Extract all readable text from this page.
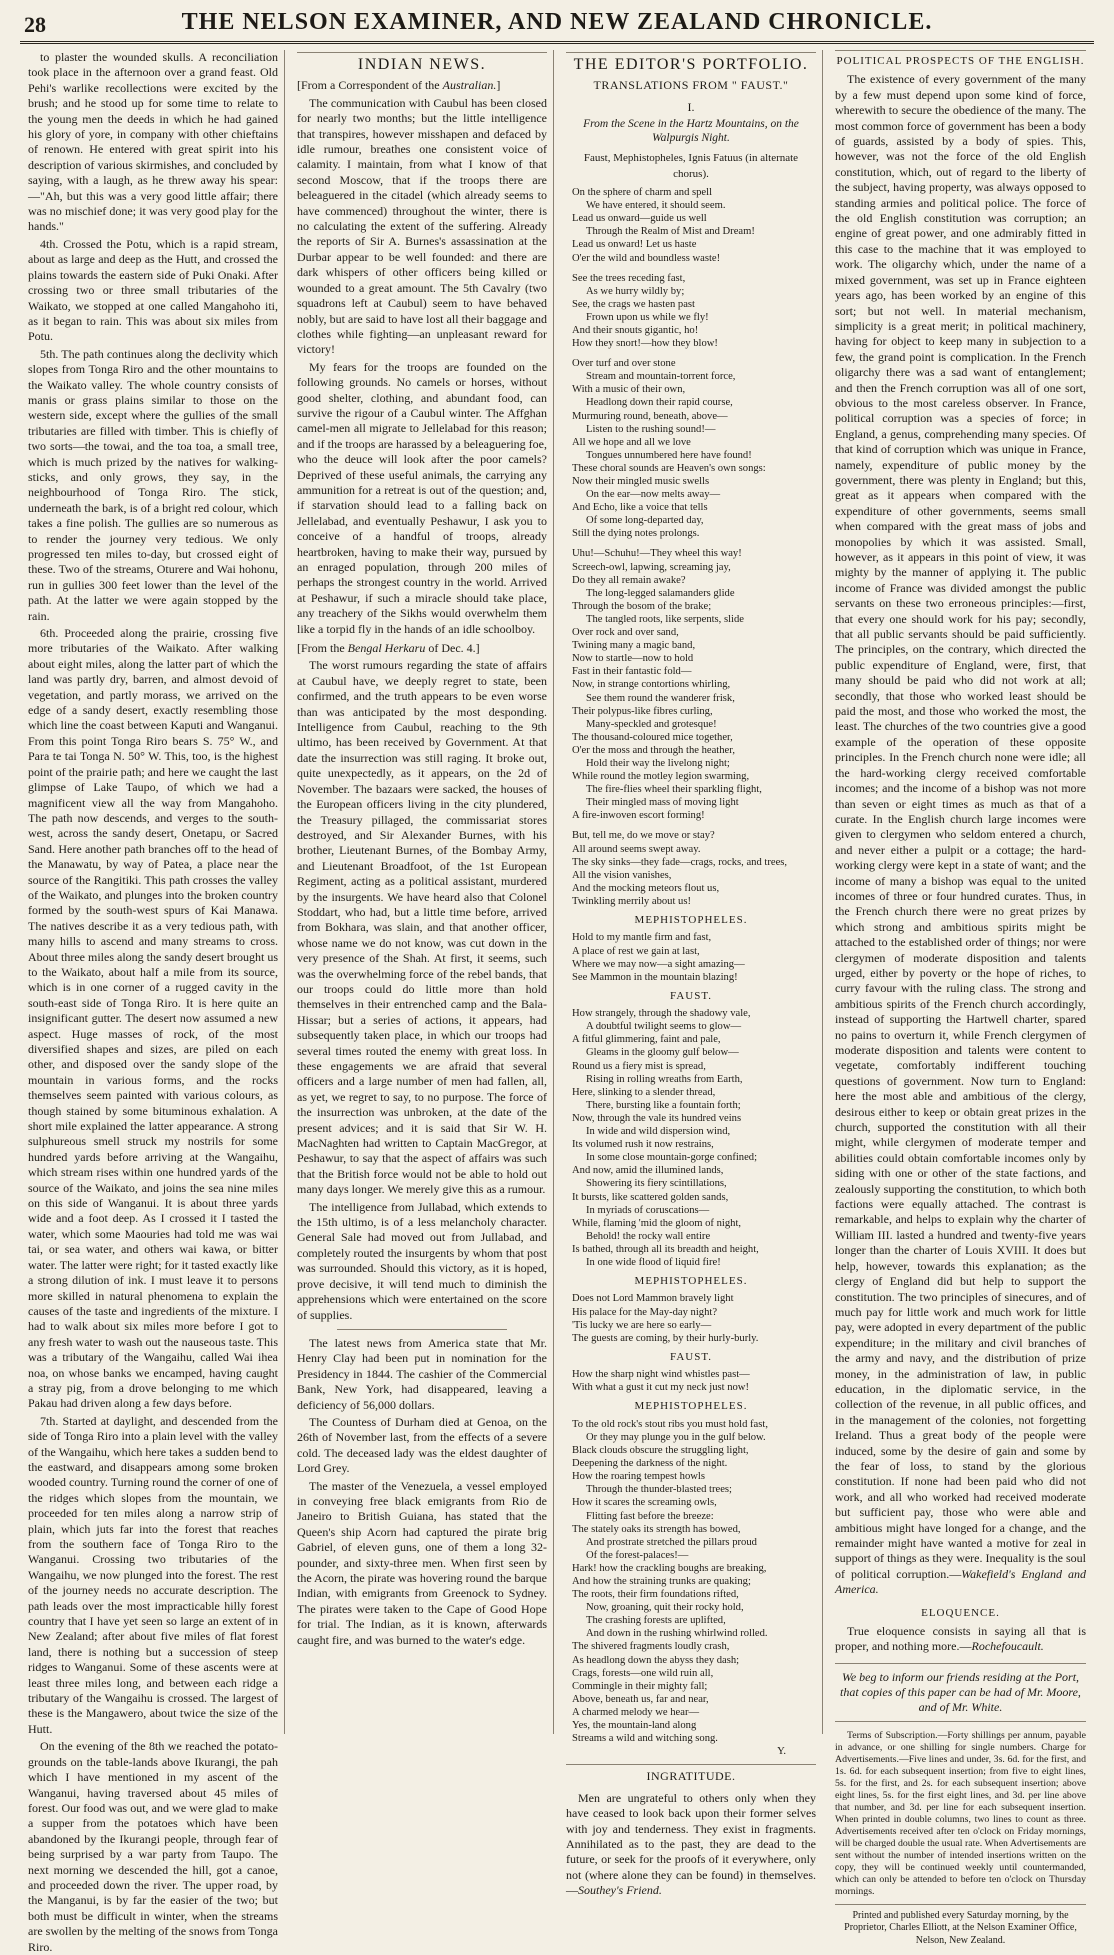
28	THE NELSON EXAMINER, AND NEW ZEALAND CHRONICLE.

to plaster the wounded skulls. A reconciliation took place in the afternoon over a grand feast. Old Pehi's warlike recollections were excited by the brush; and he stood up for some time to relate to the young men the deeds in which he had gained his glory of yore, in company with other chieftains of renown. He entered with great spirit into his description of various skirmishes, and concluded by saying, with a laugh, as he threw away his spear:—"Ah, but this was a very good little affair; there was no mischief done; it was very good play for the hands."

4th. Crossed the Potu, which is a rapid stream, about as large and deep as the Hutt, and crossed the plains towards the eastern side of Puki Onaki. After crossing two or three small tributaries of the Waikato, we stopped at one called Mangahoho iti, as it began to rain. This was about six miles from Potu.

5th. The path continues along the declivity which slopes from Tonga Riro and the other mountains to the Waikato valley. The whole country consists of manis or grass plains similar to those on the western side, except where the gullies of the small tributaries are filled with timber. This is chiefly of two sorts—the towai, and the toa toa, a small tree, which is much prized by the natives for walking-sticks, and only grows, they say, in the neighbourhood of Tonga Riro. The stick, underneath the bark, is of a bright red colour, which takes a fine polish. The gullies are so numerous as to render the journey very tedious. We only progressed ten miles to-day, but crossed eight of these. Two of the streams, Oturere and Wai hohonu, run in gullies 300 feet lower than the level of the path. At the latter we were again stopped by the rain.

6th. Proceeded along the prairie, crossing five more tributaries of the Waikato. After walking about eight miles, along the latter part of which the land was partly dry, barren, and almost devoid of vegetation, and partly morass, we arrived on the edge of a sandy desert, exactly resembling those which line the coast between Kaputi and Wanganui. From this point Tonga Riro bears S. 75° W., and Para te tai Tonga N. 50° W. This, too, is the highest point of the prairie path; and here we caught the last glimpse of Lake Taupo, of which we had a magnificent view all the way from Mangahoho. The path now descends, and verges to the south-west, across the sandy desert, Onetapu, or Sacred Sand. Here another path branches off to the head of the Manawatu, by way of Patea, a place near the source of the Rangitiki. This path crosses the valley of the Waikato, and plunges into the broken country formed by the south-west spurs of Kai Manawa. The natives describe it as a very tedious path, with many hills to ascend and many streams to cross. About three miles along the sandy desert brought us to the Waikato, about half a mile from its source, which is in one corner of a rugged cavity in the south-east side of Tonga Riro. It is here quite an insignificant gutter. The desert now assumed a new aspect. Huge masses of rock, of the most diversified shapes and sizes, are piled on each other, and disposed over the sandy slope of the mountain in various forms, and the rocks themselves seem painted with various colours, as though stained by some bituminous exhalation. A short mile explained the latter appearance. A strong sulphureous smell struck my nostrils for some hundred yards before arriving at the Wangaihu, which stream rises within one hundred yards of the source of the Waikato, and joins the sea nine miles on this side of Wanganui. It is about three yards wide and a foot deep. As I crossed it I tasted the water, which some Maouries had told me was wai tai, or sea water, and others wai kawa, or bitter water. The latter were right; for it tasted exactly like a strong dilution of ink. I must leave it to persons more skilled in natural phenomena to explain the causes of the taste and ingredients of the mixture. I had to walk about six miles more before I got to any fresh water to wash out the nauseous taste. This was a tributary of the Wangaihu, called Wai ihea noa, on whose banks we encamped, having caught a stray pig, from a drove belonging to me which Pakau had driven along a few days before.

7th. Started at daylight, and descended from the side of Tonga Riro into a plain level with the valley of the Wangaihu, which here takes a sudden bend to the eastward, and disappears among some broken wooded country. Turning round the corner of one of the ridges which slopes from the mountain, we proceeded for ten miles along a narrow strip of plain, which juts far into the forest that reaches from the southern face of Tonga Riro to the Wanganui. Crossing two tributaries of the Wangaihu, we now plunged into the forest. The rest of the journey needs no accurate description. The path leads over the most impracticable hilly forest country that I have yet seen so large an extent of in New Zealand; after about five miles of flat forest land, there is nothing but a succession of steep ridges to Wanganui. Some of these ascents were at least three miles long, and between each ridge a tributary of the Wangaihu is crossed. The largest of these is the Mangawero, about twice the size of the Hutt.

On the evening of the 8th we reached the potato-grounds on the table-lands above Ikurangi, the pah which I have mentioned in my ascent of the Wanganui, having traversed about 45 miles of forest. Our food was out, and we were glad to make a supper from the potatoes which have been abandoned by the Ikurangi people, through fear of being surprised by a war party from Taupo. The next morning we descended the hill, got a canoe, and proceeded down the river. The upper road, by the Manganui, is by far the easier of the two; but both must be difficult in winter, when the streams are swollen by the melting of the snows from Tonga Riro.

INDIAN NEWS.

[From a Correspondent of the Australian.]

The communication with Caubul has been closed for nearly two months; but the little intelligence that transpires, however misshapen and defaced by idle rumour, breathes one consistent voice of calamity. I maintain, from what I know of that second Moscow, that if the troops there are beleaguered in the citadel (which already seems to have commenced) throughout the winter, there is no calculating the extent of the suffering. Already the reports of Sir A. Burnes's assassination at the Durbar appear to be well founded: and there are dark whispers of other officers being killed or wounded to a great amount. The 5th Cavalry (two squadrons left at Caubul) seem to have behaved nobly, but are said to have lost all their baggage and clothes while fighting—an unpleasant reward for victory!

My fears for the troops are founded on the following grounds. No camels or horses, without good shelter, clothing, and abundant food, can survive the rigour of a Caubul winter. The Affghan camel-men all migrate to Jellelabad for this reason; and if the troops are harassed by a beleaguering foe, who the deuce will look after the poor camels? Deprived of these useful animals, the carrying any ammunition for a retreat is out of the question; and, if starvation should lead to a falling back on Jellelabad, and eventually Peshawur, I ask you to conceive of a handful of troops, already heartbroken, having to make their way, pursued by an enraged population, through 200 miles of perhaps the strongest country in the world. Arrived at Peshawur, if such a miracle should take place, any treachery of the Sikhs would overwhelm them like a torpid fly in the hands of an idle schoolboy.

[From the Bengal Herkaru of Dec. 4.]

The worst rumours regarding the state of affairs at Caubul have, we deeply regret to state, been confirmed, and the truth appears to be even worse than was anticipated by the most desponding. Intelligence from Caubul, reaching to the 9th ultimo, has been received by Government. At that date the insurrection was still raging. It broke out, quite unexpectedly, as it appears, on the 2d of November. The bazaars were sacked, the houses of the European officers living in the city plundered, the Treasury pillaged, the commissariat stores destroyed, and Sir Alexander Burnes, with his brother, Lieutenant Burnes, of the Bombay Army, and Lieutenant Broadfoot, of the 1st European Regiment, acting as a political assistant, murdered by the insurgents. We have heard also that Colonel Stoddart, who had, but a little time before, arrived from Bokhara, was slain, and that another officer, whose name we do not know, was cut down in the very presence of the Shah. At first, it seems, such was the overwhelming force of the rebel bands, that our troops could do little more than hold themselves in their entrenched camp and the Bala-Hissar; but a series of actions, it appears, had subsequently taken place, in which our troops had several times routed the enemy with great loss. In these engagements we are afraid that several officers and a large number of men had fallen, all, as yet, we regret to say, to no purpose. The force of the insurrection was unbroken, at the date of the present advices; and it is said that Sir W. H. MacNaghten had written to Captain MacGregor, at Peshawur, to say that the aspect of affairs was such that the British force would not be able to hold out many days longer. We merely give this as a rumour.

The intelligence from Jullabad, which extends to the 15th ultimo, is of a less melancholy character. General Sale had moved out from Jullabad, and completely routed the insurgents by whom that post was surrounded. Should this victory, as it is hoped, prove decisive, it will tend much to diminish the apprehensions which were entertained on the score of supplies.

The latest news from America state that Mr. Henry Clay had been put in nomination for the Presidency in 1844. The cashier of the Commercial Bank, New York, had disappeared, leaving a deficiency of 56,000 dollars.

The Countess of Durham died at Genoa, on the 26th of November last, from the effects of a severe cold. The deceased lady was the eldest daughter of Lord Grey.

The master of the Venezuela, a vessel employed in conveying free black emigrants from Rio de Janeiro to British Guiana, has stated that the Queen's ship Acorn had captured the pirate brig Gabriel, of eleven guns, one of them a long 32-pounder, and sixty-three men. When first seen by the Acorn, the pirate was hovering round the barque Indian, with emigrants from Greenock to Sydney. The pirates were taken to the Cape of Good Hope for trial. The Indian, as it is known, afterwards caught fire, and was burned to the water's edge.

THE EDITOR'S PORTFOLIO.
TRANSLATIONS FROM " FAUST."
I.
From the Scene in the Hartz Mountains, on the Walpurgis Night.
Faust, Mephistopheles, Ignis Fatuus (in alternate chorus).
On the sphere of charm and spell
We have entered, it should seem.
Lead us onward—guide us well
Through the Realm of Mist and Dream!
Lead us onward! Let us haste
O'er the wild and boundless waste!
See the trees receding fast,
As we hurry wildly by;
See, the crags we hasten past
Frown upon us while we fly!
And their snouts gigantic, ho!
How they snort!—how they blow!
Over turf and over stone
Stream and mountain-torrent force,
With a music of their own,
Headlong down their rapid course,
Murmuring round, beneath, above—
Listen to the rushing sound!—
All we hope and all we love
Tongues unnumbered here have found!
These choral sounds are Heaven's own songs:
Now their mingled music swells
On the ear—now melts away—
And Echo, like a voice that tells
Of some long-departed day,
Still the dying notes prolongs.
Uhu!—Schuhu!—They wheel this way!
Screech-owl, lapwing, screaming jay,
Do they all remain awake?
The long-legged salamanders glide
Through the bosom of the brake;
The tangled roots, like serpents, slide
Over rock and over sand,
Twining many a magic band,
Now to startle—now to hold
Fast in their fantastic fold—
Now, in strange contortions whirling,
See them round the wanderer frisk,
Their polypus-like fibres curling,
Many-speckled and grotesque!
The thousand-coloured mice together,
O'er the moss and through the heather,
Hold their way the livelong night;
While round the motley legion swarming,
The fire-flies wheel their sparkling flight,
Their mingled mass of moving light
A fire-inwoven escort forming!
But, tell me, do we move or stay?
All around seems swept away.
The sky sinks—they fade—crags, rocks, and trees,
All the vision vanishes,
And the mocking meteors flout us,
Twinkling merrily about us!
MEPHISTOPHELES.
Hold to my mantle firm and fast,
A place of rest we gain at last,
Where we may now—a sight amazing—
See Mammon in the mountain blazing!
FAUST.
How strangely, through the shadowy vale,
A doubtful twilight seems to glow—
A fitful glimmering, faint and pale,
Gleams in the gloomy gulf below—
Round us a fiery mist is spread,
Rising in rolling wreaths from Earth,
Here, slinking to a slender thread,
There, bursting like a fountain forth;
Now, through the vale its hundred veins
In wide and wild dispersion wind,
Its volumed rush it now restrains,
In some close mountain-gorge confined;
And now, amid the illumined lands,
Showering its fiery scintillations,
It bursts, like scattered golden sands,
In myriads of coruscations—
While, flaming 'mid the gloom of night,
Behold! the rocky wall entire
Is bathed, through all its breadth and height,
In one wide flood of liquid fire!
MEPHISTOPHELES.
Does not Lord Mammon bravely light
His palace for the May-day night?
'Tis lucky we are here so early—
The guests are coming, by their hurly-burly.
FAUST.
How the sharp night wind whistles past—
With what a gust it cut my neck just now!
MEPHISTOPHELES.
To the old rock's stout ribs you must hold fast,
Or they may plunge you in the gulf below.
Black clouds obscure the struggling light,
Deepening the darkness of the night.
How the roaring tempest howls
Through the thunder-blasted trees;
How it scares the screaming owls,
Flitting fast before the breeze:
The stately oaks its strength has bowed,
And prostrate stretched the pillars proud
Of the forest-palaces!—
Hark! how the crackling boughs are breaking,
And how the straining trunks are quaking;
The roots, their firm foundations rifted,
Now, groaning, quit their rocky hold,
The crashing forests are uplifted,
And down in the rushing whirlwind rolled.
The shivered fragments loudly crash,
As headlong down the abyss they dash;
Crags, forests—one wild ruin all,
Commingle in their mighty fall;
Above, beneath us, far and near,
A charmed melody we hear—
Yes, the mountain-land along
Streams a wild and witching song.
Y.
INGRATITUDE.

Men are ungrateful to others only when they have ceased to look back upon their former selves with joy and tenderness. They exist in fragments. Annihilated as to the past, they are dead to the future, or seek for the proofs of it everywhere, only not (where alone they can be found) in themselves.—Southey's Friend.

POLITICAL PROSPECTS OF THE ENGLISH.

The existence of every government of the many by a few must depend upon some kind of force, wherewith to secure the obedience of the many. The most common force of government has been a body of guards, assisted by a body of spies. This, however, was not the force of the old English constitution, which, out of regard to the liberty of the subject, having property, was always opposed to standing armies and political police. The force of the old English constitution was corruption; an engine of great power, and one admirably fitted in this case to the machine that it was employed to work. The oligarchy which, under the name of a mixed government, was set up in France eighteen years ago, has been worked by an engine of this sort; but not well. In material mechanism, simplicity is a great merit; in political machinery, having for object to keep many in subjection to a few, the grand point is complication. In the French oligarchy there was a sad want of entanglement; and then the French corruption was all of one sort, obvious to the most careless observer. In France, political corruption was a species of force; in England, a genus, comprehending many species. Of that kind of corruption which was unique in France, namely, expenditure of public money by the government, there was plenty in England; but this, great as it appears when compared with the expenditure of other governments, seems small when compared with the great mass of jobs and monopolies by which it was assisted. Small, however, as it appears in this point of view, it was mighty by the manner of applying it. The public income of France was divided amongst the public servants on these two erroneous principles:—first, that every one should work for his pay; secondly, that all public servants should be paid sufficiently. The principles, on the contrary, which directed the public expenditure of England, were, first, that many should be paid who did not work at all; secondly, that those who worked least should be paid the most, and those who worked the most, the least. The churches of the two countries give a good example of the operation of these opposite principles. In the French church none were idle; all the hard-working clergy received comfortable incomes; and the income of a bishop was not more than seven or eight times as much as that of a curate. In the English church large incomes were given to clergymen who seldom entered a church, and never either a pulpit or a cottage; the hard-working clergy were kept in a state of want; and the income of many a bishop was equal to the united incomes of three or four hundred curates. Thus, in the French church there were no great prizes by which strong and ambitious spirits might be attached to the established order of things; nor were clergymen of moderate disposition and talents urged, either by poverty or the hope of riches, to curry favour with the ruling class. The strong and ambitious spirits of the French church accordingly, instead of supporting the Hartwell charter, spared no pains to overturn it, while French clergymen of moderate disposition and talents were content to vegetate, comfortably indifferent touching questions of government. Now turn to England: here the most able and ambitious of the clergy, desirous either to keep or obtain great prizes in the church, supported the constitution with all their might, while clergymen of moderate temper and abilities could obtain comfortable incomes only by siding with one or other of the state factions, and zealously supporting the constitution, to which both factions were equally attached. The contrast is remarkable, and helps to explain why the charter of William III. lasted a hundred and twenty-five years longer than the charter of Louis XVIII. It does but help, however, towards this explanation; as the clergy of England did but help to support the constitution. The two principles of sinecures, and of much pay for little work and much work for little pay, were adopted in every department of the public expenditure; in the military and civil branches of the army and navy, and the distribution of prize money, in the administration of law, in public education, in the diplomatic service, in the collection of the revenue, in all public offices, and in the management of the colonies, not forgetting Ireland. Thus a great body of the people were induced, some by the desire of gain and some by the fear of loss, to stand by the glorious constitution. If none had been paid who did not work, and all who worked had received moderate but sufficient pay, those who were able and ambitious might have longed for a change, and the remainder might have wanted a motive for zeal in support of things as they were. Inequality is the soul of political corruption.—Wakefield's England and America.

ELOQUENCE.

True eloquence consists in saying all that is proper, and nothing more.—Rochefoucault.

We beg to inform our friends residing at the Port, that copies of this paper can be had of Mr. Moore, and of Mr. White.

Terms of Subscription.—Forty shillings per annum, payable in advance, or one shilling for single numbers. Charge for Advertisements.—Five lines and under, 3s. 6d. for the first, and 1s. 6d. for each subsequent insertion; from five to eight lines, 5s. for the first, and 2s. for each subsequent insertion; above eight lines, 5s. for the first eight lines, and 3d. per line above that number, and 3d. per line for each subsequent insertion. When printed in double columns, two lines to count as three. Advertisements received after ten o'clock on Friday mornings, will be charged double the usual rate. When Advertisements are sent without the number of intended insertions written on the copy, they will be continued weekly until countermanded, which can only be attended to before ten o'clock on Thursday mornings.

Printed and published every Saturday morning, by the Proprietor, Charles Elliott, at the Nelson Examiner Office, Nelson, New Zealand.
